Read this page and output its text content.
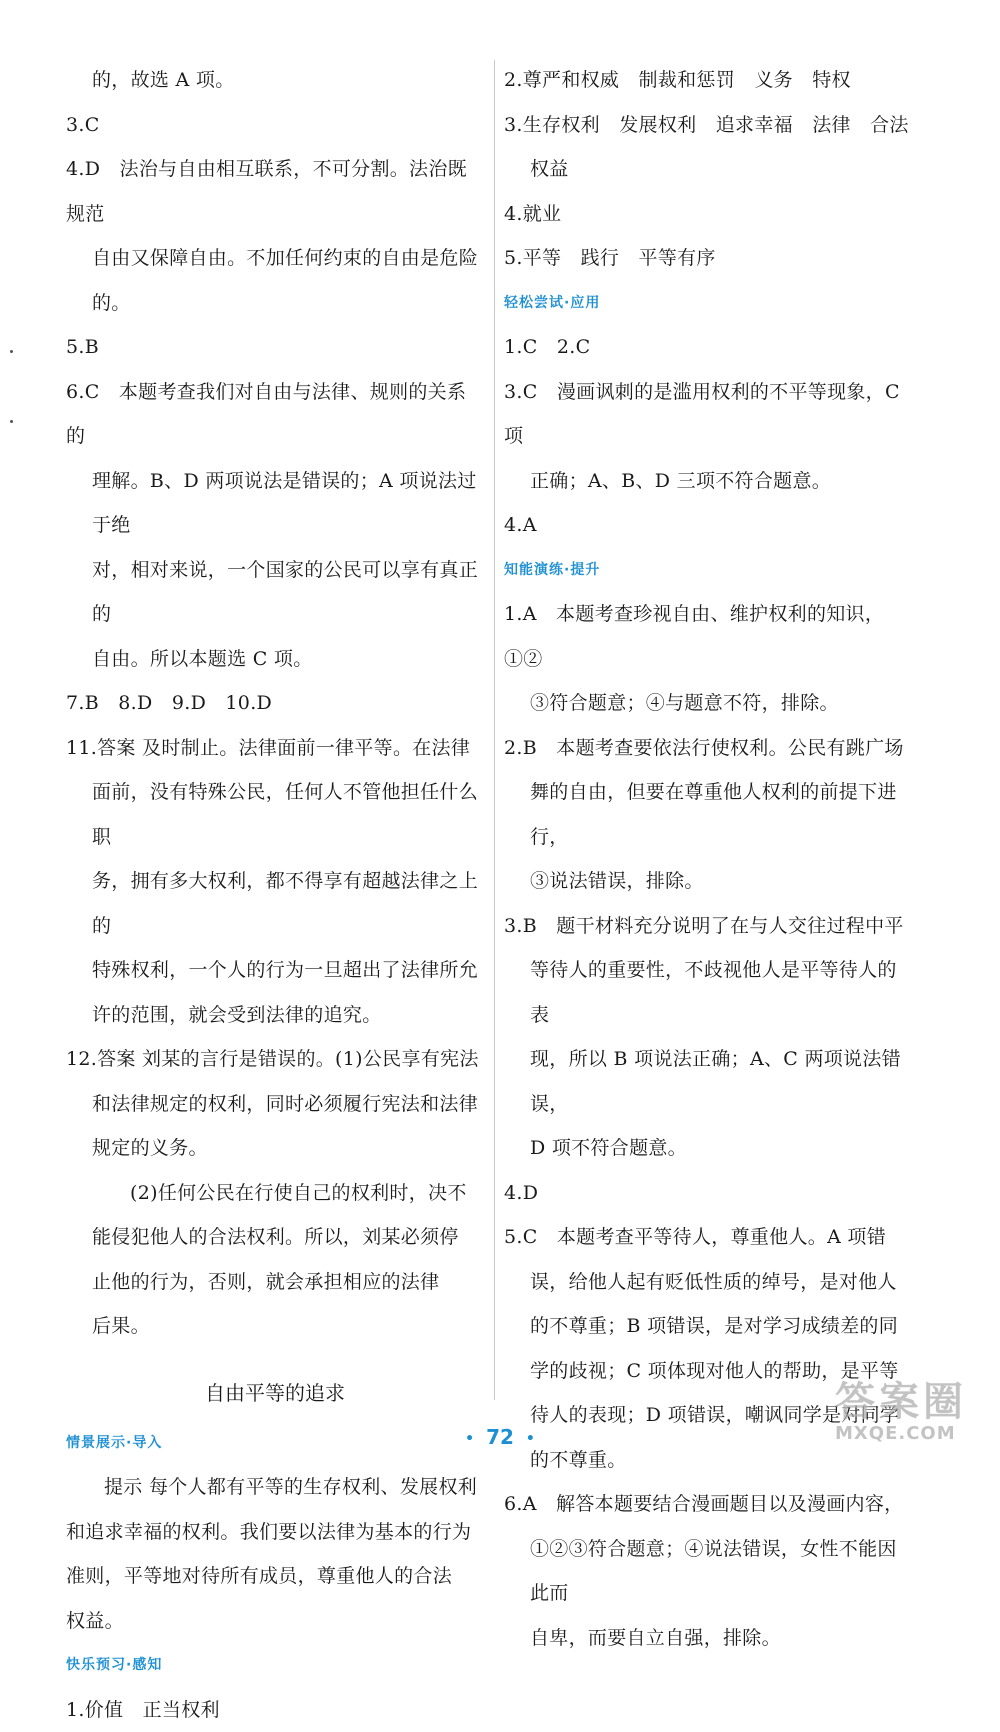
的，故选 A 项。

3.C

4.D　法治与自由相互联系，不可分割。法治既规范

自由又保障自由。不加任何约束的自由是危险的。

5.B

6.C　本题考查我们对自由与法律、规则的关系的

理解。B、D 两项说法是错误的；A 项说法过于绝

对，相对来说，一个国家的公民可以享有真正的

自由。所以本题选 C 项。

7.B　8.D　9.D　10.D

11.答案 及时制止。法律面前一律平等。在法律

面前，没有特殊公民，任何人不管他担任什么职

务，拥有多大权利，都不得享有超越法律之上的

特殊权利，一个人的行为一旦超出了法律所允

许的范围，就会受到法律的追究。

12.答案 刘某的言行是错误的。(1)公民享有宪法

和法律规定的权利，同时必须履行宪法和法律

规定的义务。

(2)任何公民在行使自己的权利时，决不

能侵犯他人的合法权利。所以，刘某必须停

止他的行为，否则，就会承担相应的法律

后果。

自由平等的追求

情景展示·导入

提示 每个人都有平等的生存权利、发展权利

和追求幸福的权利。我们要以法律为基本的行为

准则，平等地对待所有成员，尊重他人的合法

权益。

快乐预习·感知

1.价值　正当权利

2.尊严和权威　制裁和惩罚　义务　特权

3.生存权利　发展权利　追求幸福　法律　合法

权益

4.就业

5.平等　践行　平等有序

轻松尝试·应用

1.C　2.C

3.C　漫画讽刺的是滥用权利的不平等现象，C 项

正确；A、B、D 三项不符合题意。

4.A

知能演练·提升

1.A　本题考查珍视自由、维护权利的知识，①②

③符合题意；④与题意不符，排除。

2.B　本题考查要依法行使权利。公民有跳广场

舞的自由，但要在尊重他人权利的前提下进行，

③说法错误，排除。

3.B　题干材料充分说明了在与人交往过程中平

等待人的重要性，不歧视他人是平等待人的表

现，所以 B 项说法正确；A、C 两项说法错误，

D 项不符合题意。

4.D

5.C　本题考查平等待人，尊重他人。A 项错

误，给他人起有贬低性质的绰号，是对他人

的不尊重；B 项错误，是对学习成绩差的同

学的歧视；C 项体现对他人的帮助，是平等

待人的表现；D 项错误，嘲讽同学是对同学

的不尊重。

6.A　解答本题要结合漫画题目以及漫画内容，

①②③符合题意；④说法错误，女性不能因此而

自卑，而要自立自强，排除。

• 72 •
答案圈
MXQE.COM
